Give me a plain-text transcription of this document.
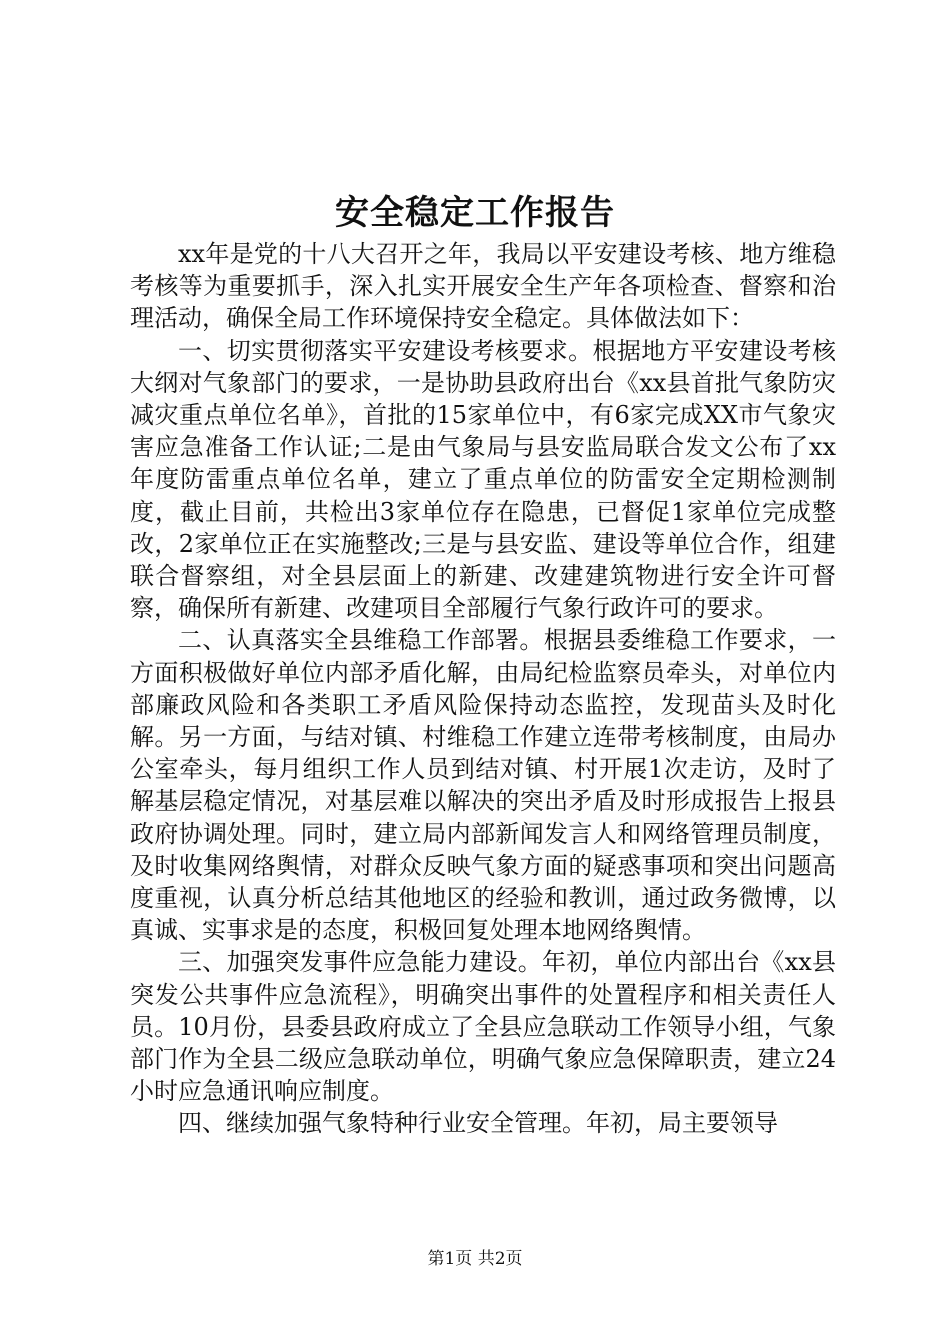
安全稳定工作报告

xx年是党的十八大召开之年，我局以平安建设考核、地方维稳考核等为重要抓手，深入扎实开展安全生产年各项检查、督察和治理活动，确保全局工作环境保持安全稳定。具体做法如下：

一、切实贯彻落实平安建设考核要求。根据地方平安建设考核大纲对气象部门的要求，一是协助县政府出台《xx县首批气象防灾减灾重点单位名单》，首批的15家单位中，有6家完成XX市气象灾害应急准备工作认证;二是由气象局与县安监局联合发文公布了xx年度防雷重点单位名单，建立了重点单位的防雷安全定期检测制度，截止目前，共检出3家单位存在隐患，已督促1家单位完成整改，2家单位正在实施整改;三是与县安监、建设等单位合作，组建联合督察组，对全县层面上的新建、改建建筑物进行安全许可督察，确保所有新建、改建项目全部履行气象行政许可的要求。

二、认真落实全县维稳工作部署。根据县委维稳工作要求，一方面积极做好单位内部矛盾化解，由局纪检监察员牵头，对单位内部廉政风险和各类职工矛盾风险保持动态监控，发现苗头及时化解。另一方面，与结对镇、村维稳工作建立连带考核制度，由局办公室牵头，每月组织工作人员到结对镇、村开展1次走访，及时了解基层稳定情况，对基层难以解决的突出矛盾及时形成报告上报县政府协调处理。同时，建立局内部新闻发言人和网络管理员制度，及时收集网络舆情，对群众反映气象方面的疑惑事项和突出问题高度重视，认真分析总结其他地区的经验和教训，通过政务微博，以真诚、实事求是的态度，积极回复处理本地网络舆情。

三、加强突发事件应急能力建设。年初，单位内部出台《xx县突发公共事件应急流程》，明确突出事件的处置程序和相关责任人员。10月份，县委县政府成立了全县应急联动工作领导小组，气象部门作为全县二级应急联动单位，明确气象应急保障职责，建立24小时应急通讯响应制度。

四、继续加强气象特种行业安全管理。年初，局主要领导

第1页 共2页
